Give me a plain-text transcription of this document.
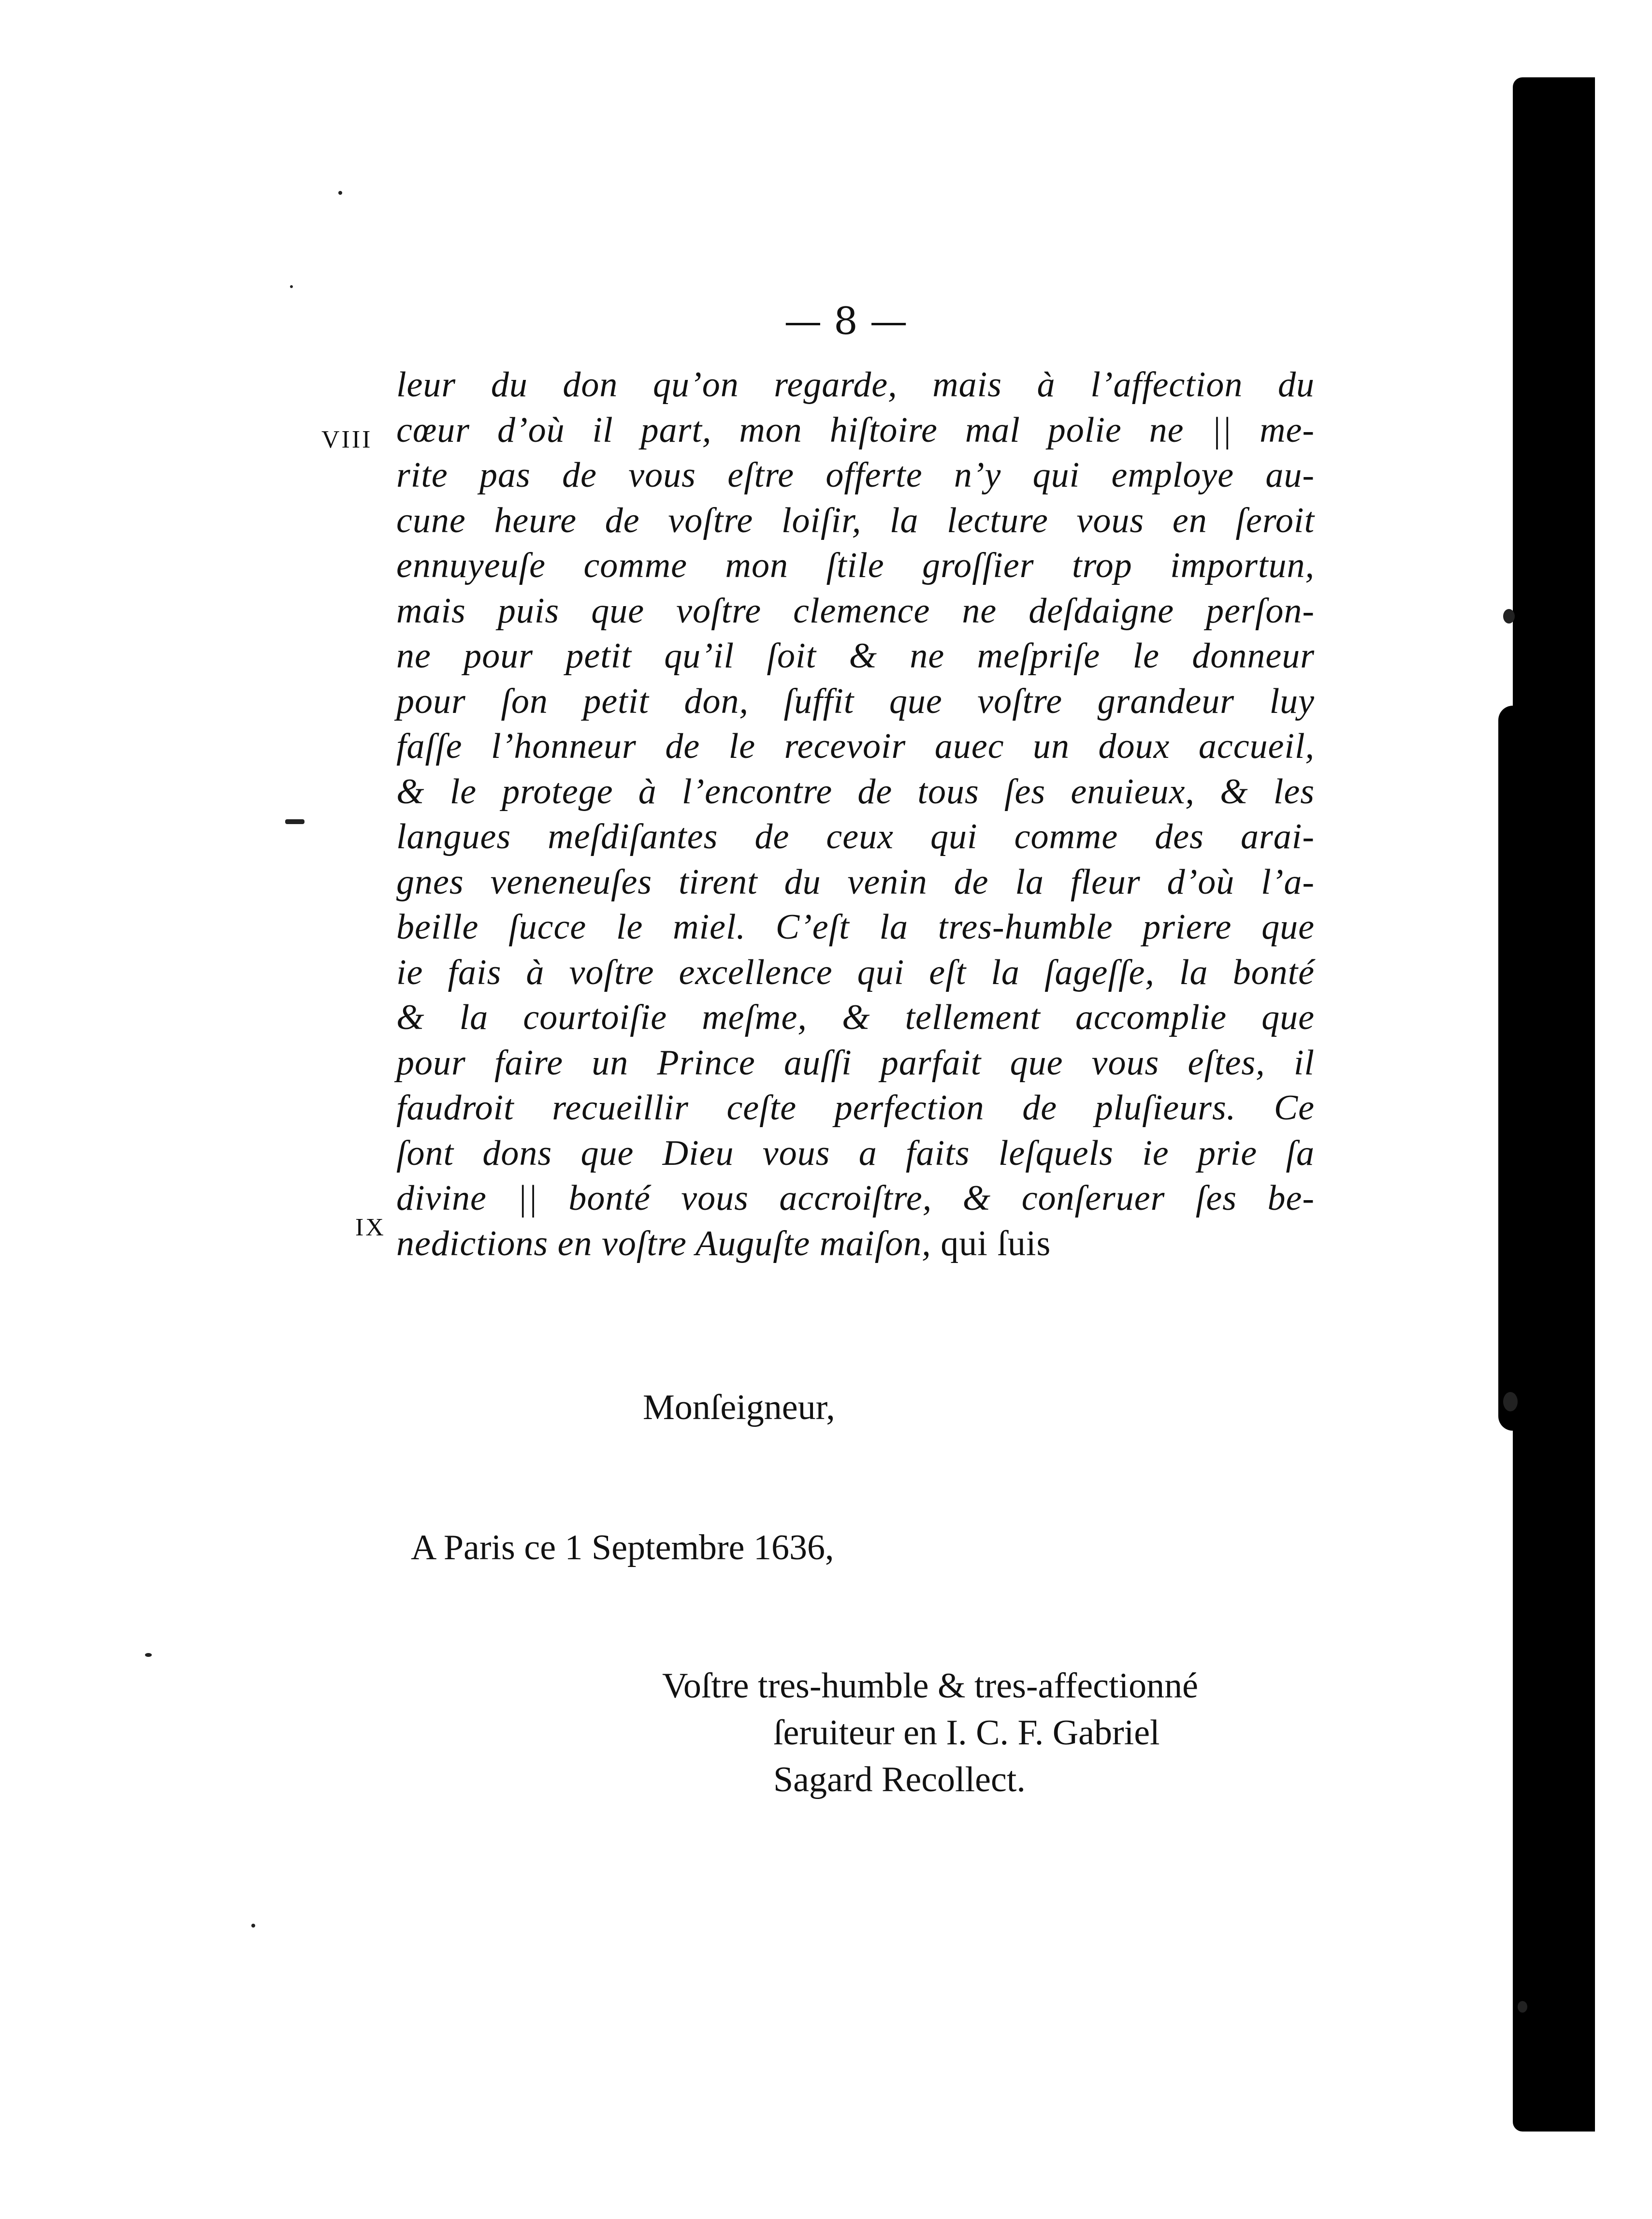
— 8 —
VIII
IX
leur du don qu’on regarde, mais à l’affection du
cœur d’où il part, mon hiſtoire mal polie ne || me-
rite pas de vous eſtre offerte n’y qui employe au-
cune heure de voſtre loiſir, la lecture vous en ſeroit
ennuyeuſe comme mon ſtile groſſier trop importun,
mais puis que voſtre clemence ne deſdaigne perſon-
ne pour petit qu’il ſoit & ne meſpriſe le donneur
pour ſon petit don, ſuffit que voſtre grandeur luy
faſſe l’honneur de le recevoir auec un doux accueil,
& le protege à l’encontre de tous ſes enuieux, & les
langues meſdiſantes de ceux qui comme des arai-
gnes veneneuſes tirent du venin de la fleur d’où l’a-
beille ſucce le miel. C’eſt la tres-humble priere que
ie fais à voſtre excellence qui eſt la ſageſſe, la bonté
& la courtoiſie meſme, & tellement accomplie que
pour faire un Prince auſſi parfait que vous eſtes, il
faudroit recueillir ceſte perfection de pluſieurs. Ce
ſont dons que Dieu vous a faits leſquels ie prie ſa
divine || bonté vous accroiſtre, & conſeruer ſes be-
nedictions en voſtre Auguſte maiſon, qui ſuis
Monſeigneur,
A Paris ce 1 Septembre 1636,
Voſtre tres-humble & tres-affectionné
ſeruiteur en I. C. F. Gabriel
Sagard Recollect.
